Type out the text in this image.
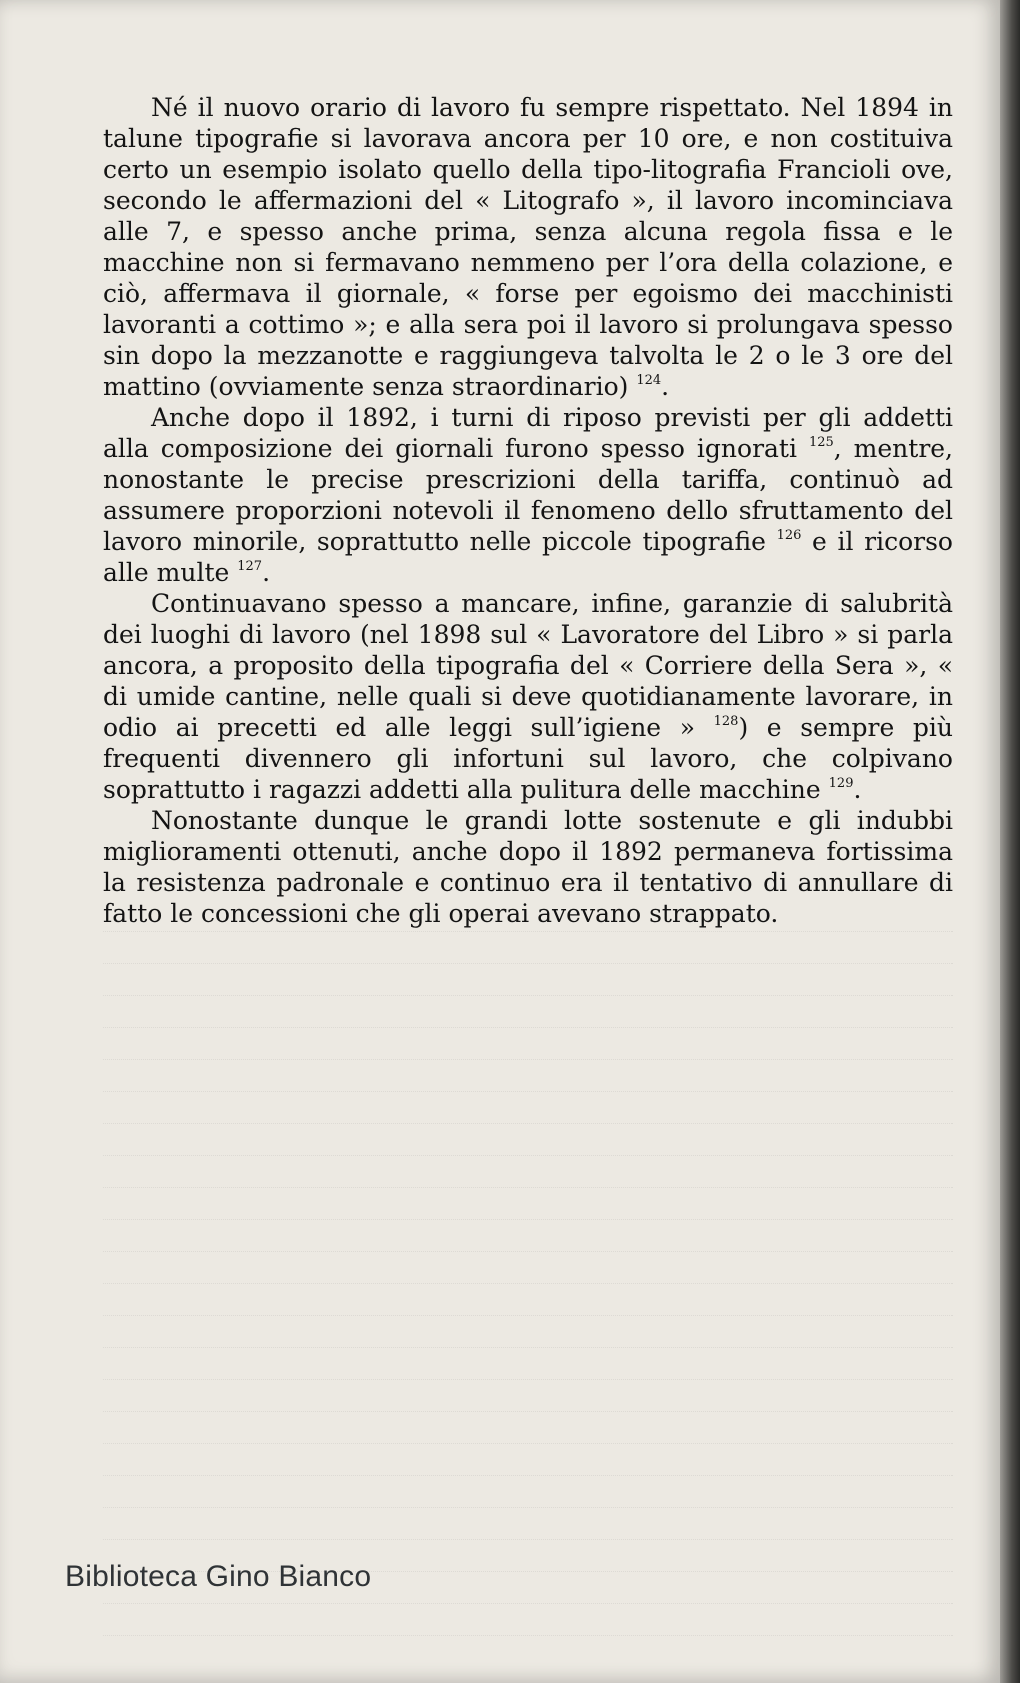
Né il nuovo orario di lavoro fu sempre rispettato. Nel 1894 in talune tipografie si lavorava ancora per 10 ore, e non costituiva certo un esempio isolato quello della tipo-litografia Francioli ove, secondo le affermazioni del « Litografo », il lavoro incominciava alle 7, e spesso anche prima, senza alcuna regola fissa e le macchine non si fermavano nemmeno per l’ora della colazione, e ciò, affermava il giornale, « forse per egoismo dei macchinisti lavoranti a cottimo »; e alla sera poi il lavoro si prolungava spesso sin dopo la mezzanotte e raggiungeva talvolta le 2 o le 3 ore del mattino (ovviamente senza straordinario) $^{124}$.

Anche dopo il 1892, i turni di riposo previsti per gli addetti alla composizione dei giornali furono spesso ignorati $^{125}$, mentre, nonostante le precise prescrizioni della tariffa, continuò ad assumere proporzioni notevoli il fenomeno dello sfruttamento del lavoro minorile, soprattutto nelle piccole tipografie $^{126}$ e il ricorso alle multe $^{127}$.

Continuavano spesso a mancare, infine, garanzie di salubrità dei luoghi di lavoro (nel 1898 sul « Lavoratore del Libro » si parla ancora, a proposito della tipografia del « Corriere della Sera », « di umide cantine, nelle quali si deve quotidianamente lavorare, in odio ai precetti ed alle leggi sull’igiene » $^{128}$) e sempre più frequenti divennero gli infortuni sul lavoro, che colpivano soprattutto i ragazzi addetti alla pulitura delle macchine $^{129}$.

Nonostante dunque le grandi lotte sostenute e gli indubbi miglioramenti ottenuti, anche dopo il 1892 permaneva fortissima la resistenza padronale e continuo era il tentativo di annullare di fatto le concessioni che gli operai avevano strappato.

Biblioteca Gino Bianco
